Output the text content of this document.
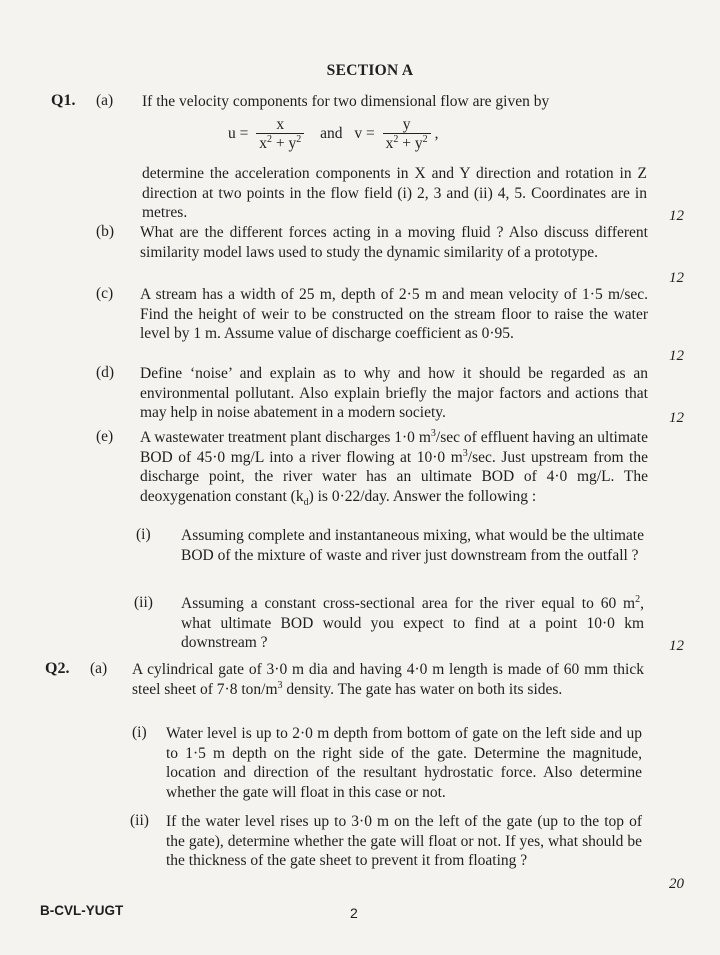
SECTION A
Q1. (a) If the velocity components for two dimensional flow are given by
$u = \frac{x}{x^2 + y^2}$ and $v = \frac{y}{x^2 + y^2}$ ,
determine the acceleration components in X and Y direction and rotation in Z direction at two points in the flow field (i) 2, 3 and (ii) 4, 5. Coordinates are in metres.	12
(b) What are the different forces acting in a moving fluid ? Also discuss different similarity model laws used to study the dynamic similarity of a prototype.
12
(c) A stream has a width of 25 m, depth of 2·5 m and mean velocity of 1·5 m/sec. Find the height of weir to be constructed on the stream floor to raise the water level by 1 m. Assume value of discharge coefficient as 0·95.
12
(d) Define ‘noise’ and explain as to why and how it should be regarded as an environmental pollutant. Also explain briefly the major factors and actions that may help in noise abatement in a modern society.	12
(e) A wastewater treatment plant discharges 1·0 $m^3/\sec$ of effluent having an ultimate BOD of 45·0 mg/L into a river flowing at 10·0 $m^3/\sec$. Just upstream from the discharge point, the river water has an ultimate BOD of 4·0 mg/L. The deoxygenation constant $(k_d)$ is 0·22/day. Answer the following :
(i) Assuming complete and instantaneous mixing, what would be the ultimate BOD of the mixture of waste and river just downstream from the outfall ?
(ii) Assuming a constant cross-sectional area for the river equal to 60 $m^2$, what ultimate BOD would you expect to find at a point 10·0 km downstream ?	12
Q2. (a) A cylindrical gate of 3·0 m dia and having 4·0 m length is made of 60 mm thick steel sheet of 7·8 ton/$m^3$ density. The gate has water on both its sides.
(i) Water level is up to 2·0 m depth from bottom of gate on the left side and up to 1·5 m depth on the right side of the gate. Determine the magnitude, location and direction of the resultant hydrostatic force. Also determine whether the gate will float in this case or not.
(ii) If the water level rises up to 3·0 m on the left of the gate (up to the top of the gate), determine whether the gate will float or not. If yes, what should be the thickness of the gate sheet to prevent it from floating ?
20
B-CVL-YUGT	2
